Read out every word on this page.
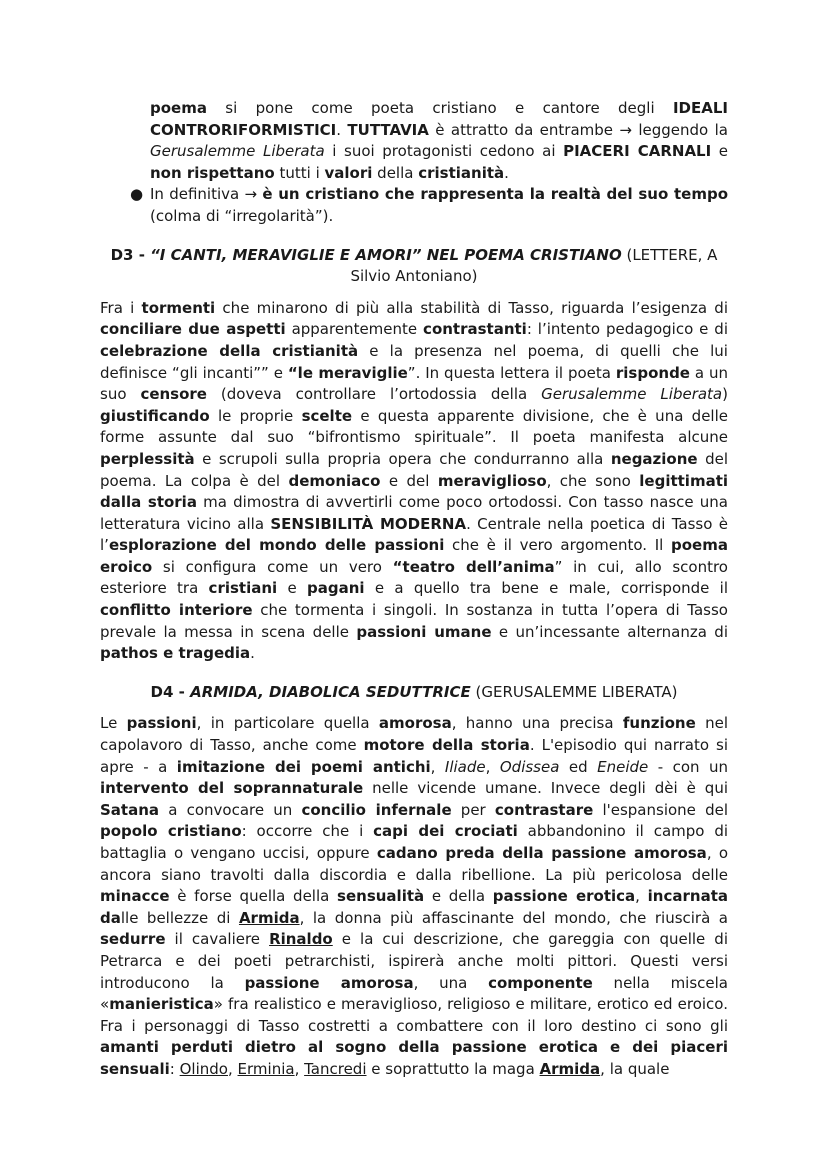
poema si pone come poeta cristiano e cantore degli IDEALI CONTRORIFORMISTICI. TUTTAVIA è attratto da entrambe → leggendo la Gerusalemme Liberata i suoi protagonisti cedono ai PIACERI CARNALI e non rispettano tutti i valori della cristianità.
● In definitiva → è un cristiano che rappresenta la realtà del suo tempo (colma di “irregolarità”).
D3 - “I CANTI, MERAVIGLIE E AMORI” NEL POEMA CRISTIANO (LETTERE, A Silvio Antoniano)

Fra i tormenti che minarono di più alla stabilità di Tasso, riguarda l’esigenza di conciliare due aspetti apparentemente contrastanti: l’intento pedagogico e di celebrazione della cristianità e la presenza nel poema, di quelli che lui definisce “gli incanti”” e “le meraviglie”. In questa lettera il poeta risponde a un suo censore (doveva controllare l’ortodossia della Gerusalemme Liberata) giustificando le proprie scelte e questa apparente divisione, che è una delle forme assunte dal suo “bifrontismo spirituale”. Il poeta manifesta alcune perplessità e scrupoli sulla propria opera che condurranno alla negazione del poema. La colpa è del demoniaco e del meraviglioso, che sono legittimati dalla storia ma dimostra di avvertirli come poco ortodossi. Con tasso nasce una letteratura vicino alla SENSIBILITÀ MODERNA. Centrale nella poetica di Tasso è l’esplorazione del mondo delle passioni che è il vero argomento. Il poema eroico si configura come un vero “teatro dell’anima” in cui, allo scontro esteriore tra cristiani e pagani e a quello tra bene e male, corrisponde il conflitto interiore che tormenta i singoli. In sostanza in tutta l’opera di Tasso prevale la messa in scena delle passioni umane e un’incessante alternanza di pathos e tragedia.

D4 - ARMIDA, DIABOLICA SEDUTTRICE (GERUSALEMME LIBERATA)

Le passioni, in particolare quella amorosa, hanno una precisa funzione nel capolavoro di Tasso, anche come motore della storia. L'episodio qui narrato si apre - a imitazione dei poemi antichi, Iliade, Odissea ed Eneide - con un intervento del soprannaturale nelle vicende umane. Invece degli dèi è qui Satana a convocare un concilio infernale per contrastare l'espansione del popolo cristiano: occorre che i capi dei crociati abbandonino il campo di battaglia o vengano uccisi, oppure cadano preda della passione amorosa, o ancora siano travolti dalla discordia e dalla ribellione. La più pericolosa delle minacce è forse quella della sensualità e della passione erotica, incarnata dalle bellezze di Armida, la donna più affascinante del mondo, che riuscirà a sedurre il cavaliere Rinaldo e la cui descrizione, che gareggia con quelle di Petrarca e dei poeti petrarchisti, ispirerà anche molti pittori. Questi versi introducono la passione amorosa, una componente nella miscela «manieristica» fra realistico e meraviglioso, religioso e militare, erotico ed eroico. Fra i personaggi di Tasso costretti a combattere con il loro destino ci sono gli amanti perduti dietro al sogno della passione erotica e dei piaceri sensuali: Olindo, Erminia, Tancredi e soprattutto la maga Armida, la quale
